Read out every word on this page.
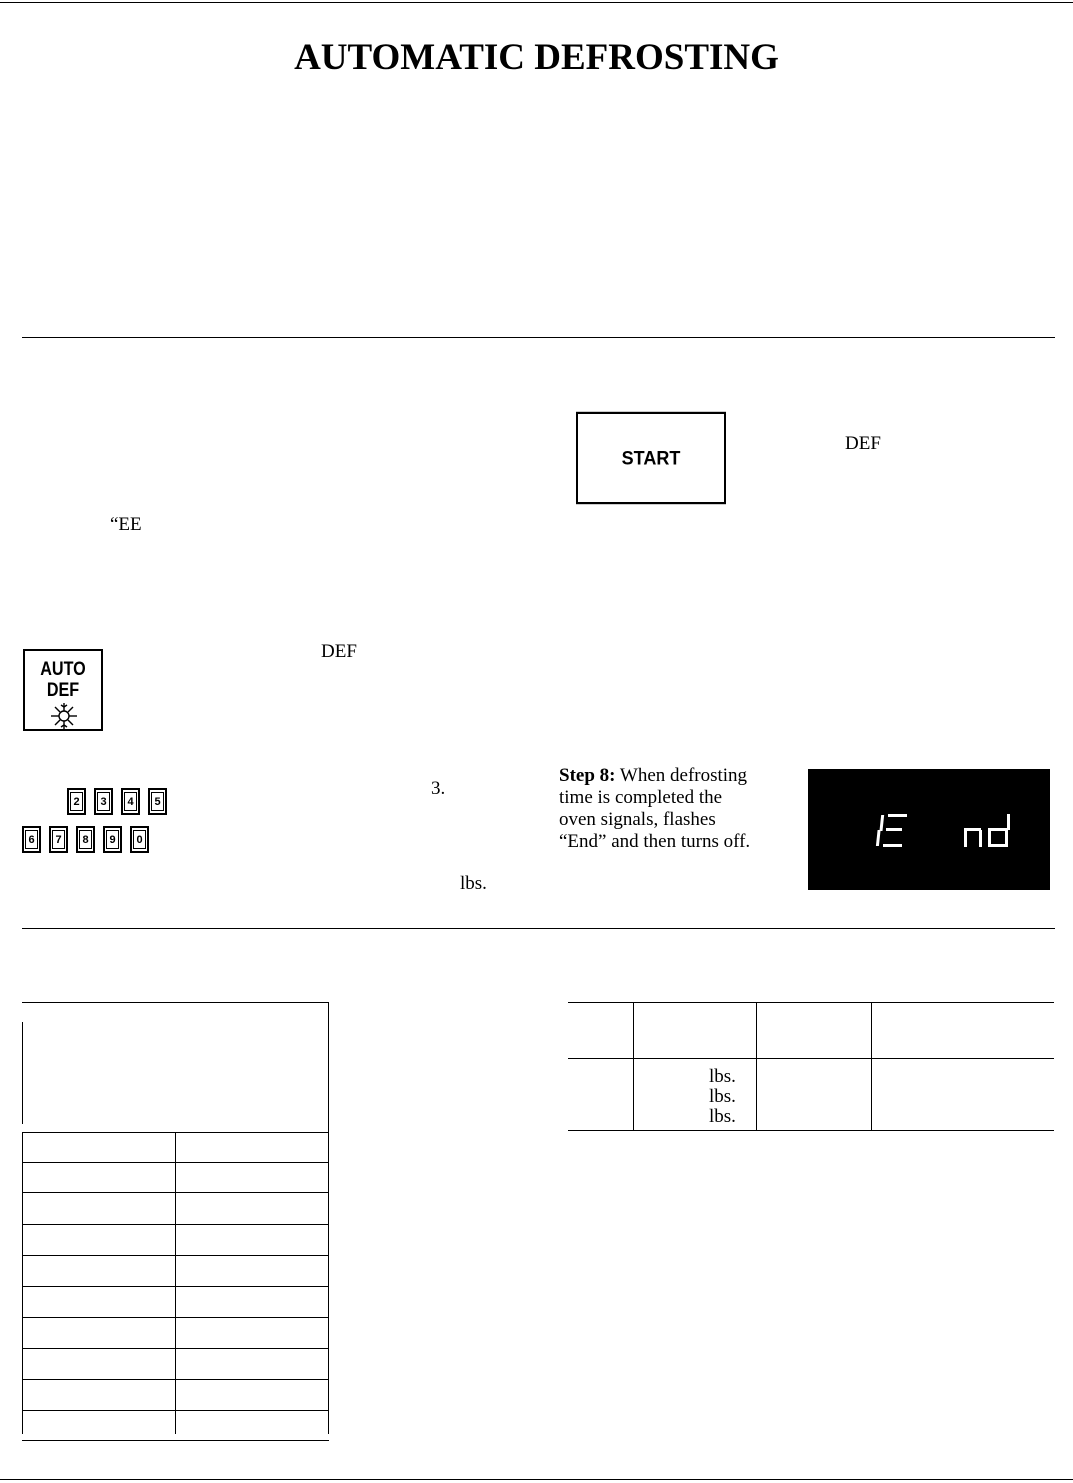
AUTOMATIC DEFROSTING
START
DEF
“EE
AUTO
DEF
DEF
2	3	4	5
6	7	8	9	0
3.
lbs.
Step 8: When defrosting
time is completed the
oven signals, flashes
“End” and then turns off.
lbs.
lbs.
lbs.
